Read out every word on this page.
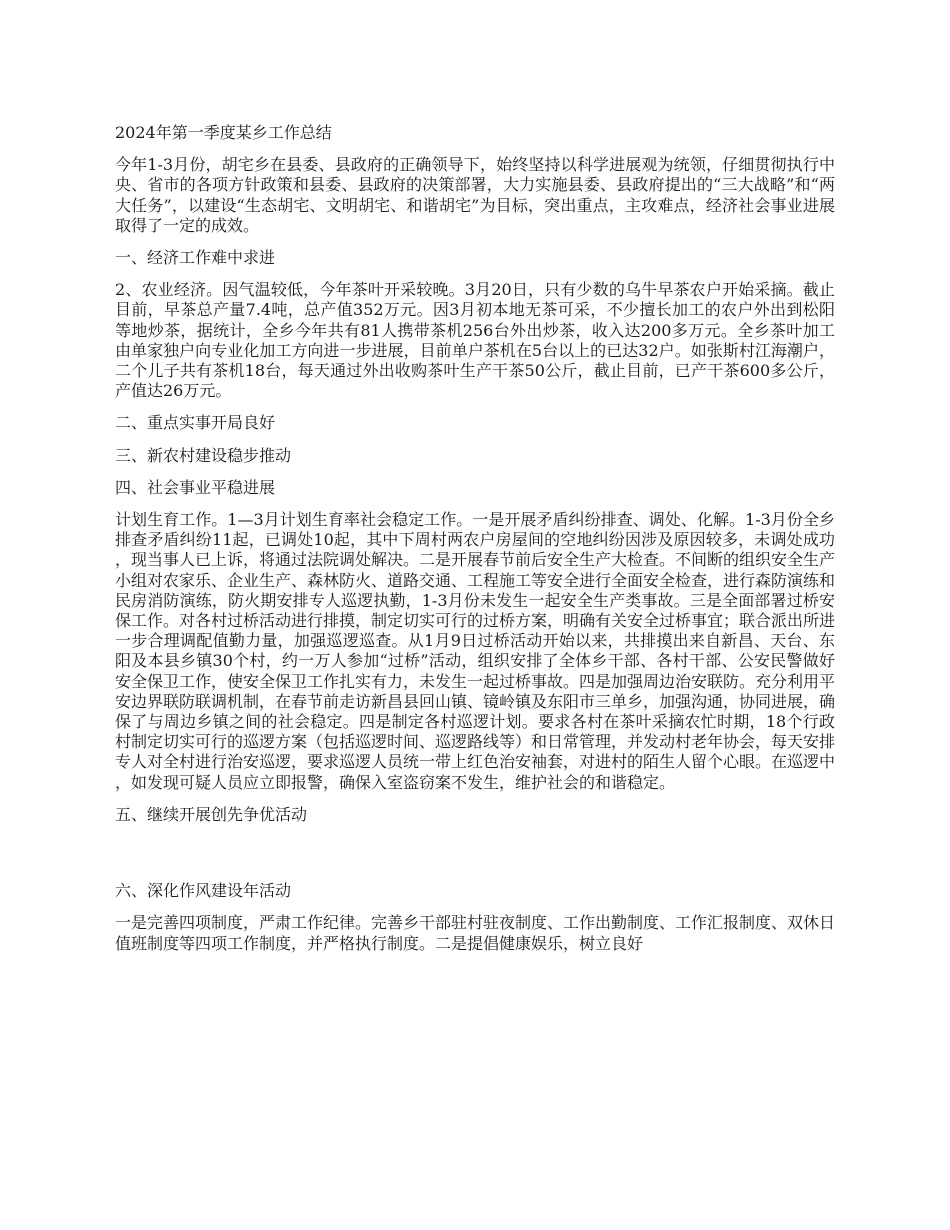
2024年第一季度某乡工作总结

今年1-3月份，胡宅乡在县委、县政府的正确领导下，始终坚持以科学进展观为统领，仔细贯彻执行中央、省市的各项方针政策和县委、县政府的决策部署，大力实施县委、县政府提出的“三大战略”和“两大任务”，以建设“生态胡宅、文明胡宅、和谐胡宅”为目标，突出重点，主攻难点，经济社会事业进展取得了一定的成效。

一、经济工作难中求进

2、农业经济。因气温较低，今年茶叶开采较晚。3月20日，只有少数的乌牛早茶农户开始采摘。截止目前，早茶总产量7.4吨，总产值352万元。因3月初本地无茶可采，不少擅长加工的农户外出到松阳等地炒茶，据统计，全乡今年共有81人携带茶机256台外出炒茶，收入达200多万元。全乡茶叶加工由单家独户向专业化加工方向进一步进展，目前单户茶机在5台以上的已达32户。如张斯村江海潮户，二个儿子共有茶机18台，每天通过外出收购茶叶生产干茶50公斤，截止目前，已产干茶600多公斤，产值达26万元。

二、重点实事开局良好
三、新农村建设稳步推动
四、社会事业平稳进展

计划生育工作。1—3月计划生育率社会稳定工作。一是开展矛盾纠纷排查、调处、化解。1-3月份全乡排查矛盾纠纷11起，已调处10起，其中下周村两农户房屋间的空地纠纷因涉及原因较多，未调处成功，现当事人已上诉，将通过法院调处解决。二是开展春节前后安全生产大检查。不间断的组织安全生产小组对农家乐、企业生产、森林防火、道路交通、工程施工等安全进行全面安全检查，进行森防演练和民房消防演练，防火期安排专人巡逻执勤，1-3月份未发生一起安全生产类事故。三是全面部署过桥安保工作。对各村过桥活动进行排摸，制定切实可行的过桥方案，明确有关安全过桥事宜；联合派出所进一步合理调配值勤力量，加强巡逻巡查。从1月9日过桥活动开始以来，共排摸出来自新昌、天台、东阳及本县乡镇30个村，约一万人参加“过桥”活动，组织安排了全体乡干部、各村干部、公安民警做好安全保卫工作，使安全保卫工作扎实有力，未发生一起过桥事故。四是加强周边治安联防。充分利用平安边界联防联调机制，在春节前走访新昌县回山镇、镜岭镇及东阳市三单乡，加强沟通，协同进展，确保了与周边乡镇之间的社会稳定。四是制定各村巡逻计划。要求各村在茶叶采摘农忙时期，18个行政村制定切实可行的巡逻方案（包括巡逻时间、巡逻路线等）和日常管理，并发动村老年协会，每天安排专人对全村进行治安巡逻，要求巡逻人员统一带上红色治安袖套，对进村的陌生人留个心眼。在巡逻中，如发现可疑人员应立即报警，确保入室盗窃案不发生，维护社会的和谐稳定。

五、继续开展创先争优活动
六、深化作风建设年活动

一是完善四项制度，严肃工作纪律。完善乡干部驻村驻夜制度、工作出勤制度、工作汇报制度、双休日值班制度等四项工作制度，并严格执行制度。二是提倡健康娱乐，树立良好
